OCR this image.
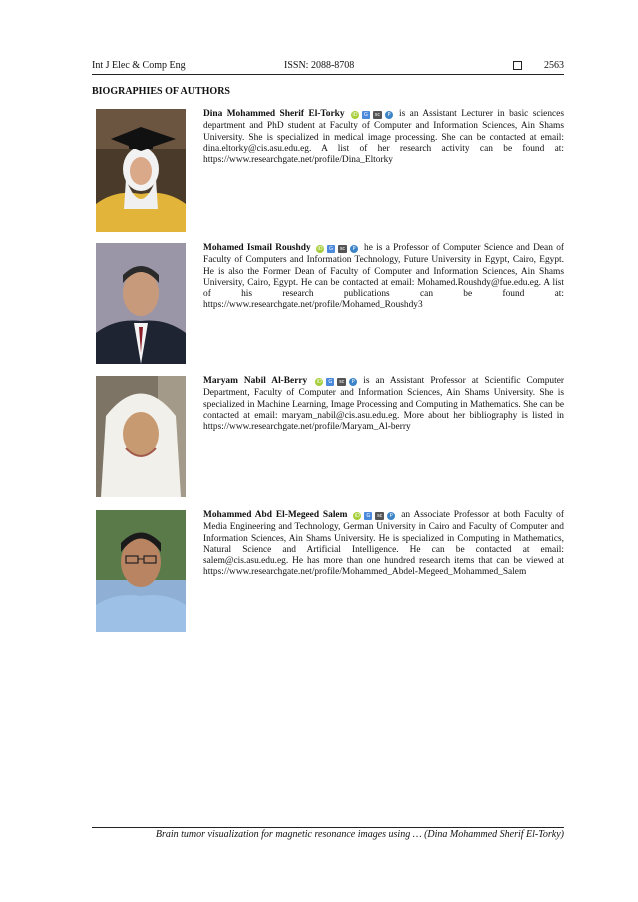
Int J Elec & Comp Eng	ISSN: 2088-8708	2563
BIOGRAPHIES OF AUTHORS

Dina Mohammed Sherif El-Torky iD G sc P is an Assistant Lecturer in basic sciences department and PhD student at Faculty of Computer and Information Sciences, Ain Shams University. She is specialized in medical image processing. She can be contacted at email: dina.eltorky@cis.asu.edu.eg. A list of her research activity can be found at: https://www.researchgate.net/profile/Dina_Eltorky

Mohamed Ismail Roushdy iD G sc P he is a Professor of Computer Science and Dean of Faculty of Computers and Information Technology, Future University in Egypt, Cairo, Egypt. He is also the Former Dean of Faculty of Computer and Information Sciences, Ain Shams University, Cairo, Egypt. He can be contacted at email: Mohamed.Roushdy@fue.edu.eg. A list of his research publications can be found at: https://www.researchgate.net/profile/Mohamed_Roushdy3

Maryam Nabil Al-Berry iD G sc P is an Assistant Professor at Scientific Computer Department, Faculty of Computer and Information Sciences, Ain Shams University. She is specialized in Machine Learning, Image Processing and Computing in Mathematics. She can be contacted at email: maryam_nabil@cis.asu.edu.eg. More about her bibliography is listed in https://www.researchgate.net/profile/Maryam_Al-berry

Mohammed Abd El-Megeed Salem iD G sc P an Associate Professor at both Faculty of Media Engineering and Technology, German University in Cairo and Faculty of Computer and Information Sciences, Ain Shams University. He is specialized in Computing in Mathematics, Natural Science and Artificial Intelligence. He can be contacted at email: salem@cis.asu.edu.eg. He has more than one hundred research items that can be viewed at https://www.researchgate.net/profile/Mohammed_Abdel-Megeed_Mohammed_Salem

Brain tumor visualization for magnetic resonance images using … (Dina Mohammed Sherif El-Torky)
